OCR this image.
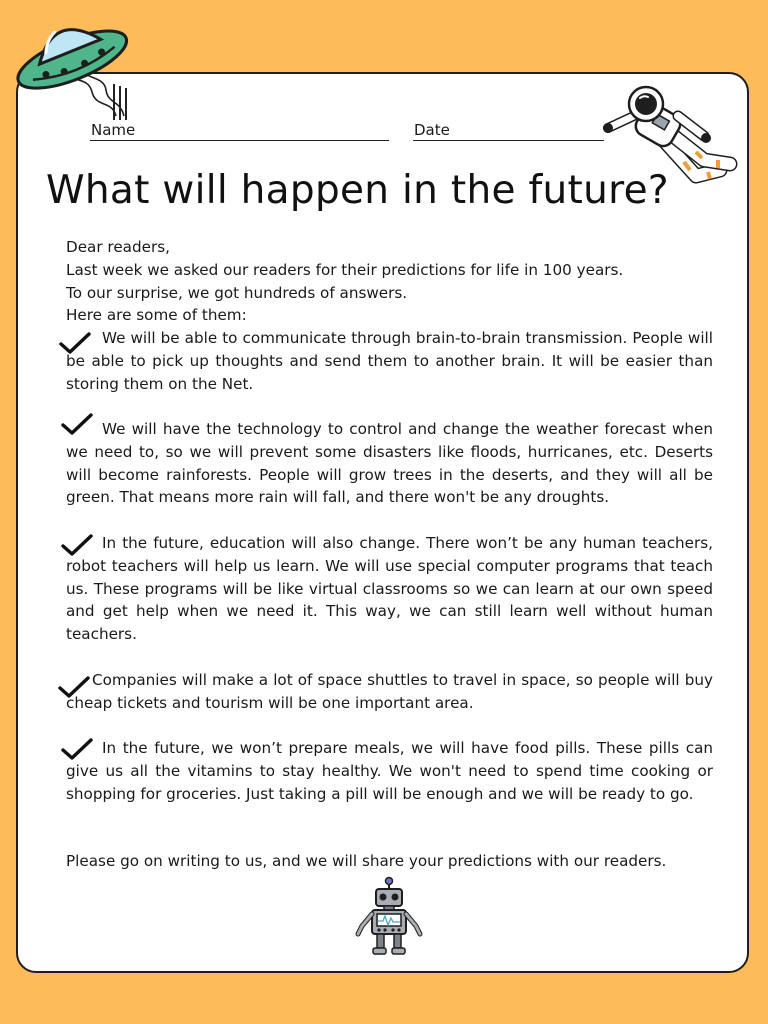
Name	Date
What will happen in the future?
Dear readers,
Last week we asked our readers for their predictions for life in 100 years.
To our surprise, we got hundreds of answers.
Here are some of them:

We will be able to communicate through brain-to-brain transmission. People will be able to pick up thoughts and send them to another brain. It will be easier than storing them on the Net.

We will have the technology to control and change the weather forecast when we need to, so we will prevent some disasters like floods, hurricanes, etc. Deserts will become rainforests. People will grow trees in the deserts, and they will all be green. That means more rain will fall, and there won't be any droughts.

In the future, education will also change. There won’t be any human teachers, robot teachers will help us learn. We will use special computer programs that teach us. These programs will be like virtual classrooms so we can learn at our own speed and get help when we need it. This way, we can still learn well without human teachers.

Companies will make a lot of space shuttles to travel in space, so people will buy cheap tickets and tourism will be one important area.

In the future, we won’t prepare meals, we will have food pills. These pills can give us all the vitamins to stay healthy. We won't need to spend time cooking or shopping for groceries. Just taking a pill will be enough and we will be ready to go.

Please go on writing to us, and we will share your predictions with our readers.
